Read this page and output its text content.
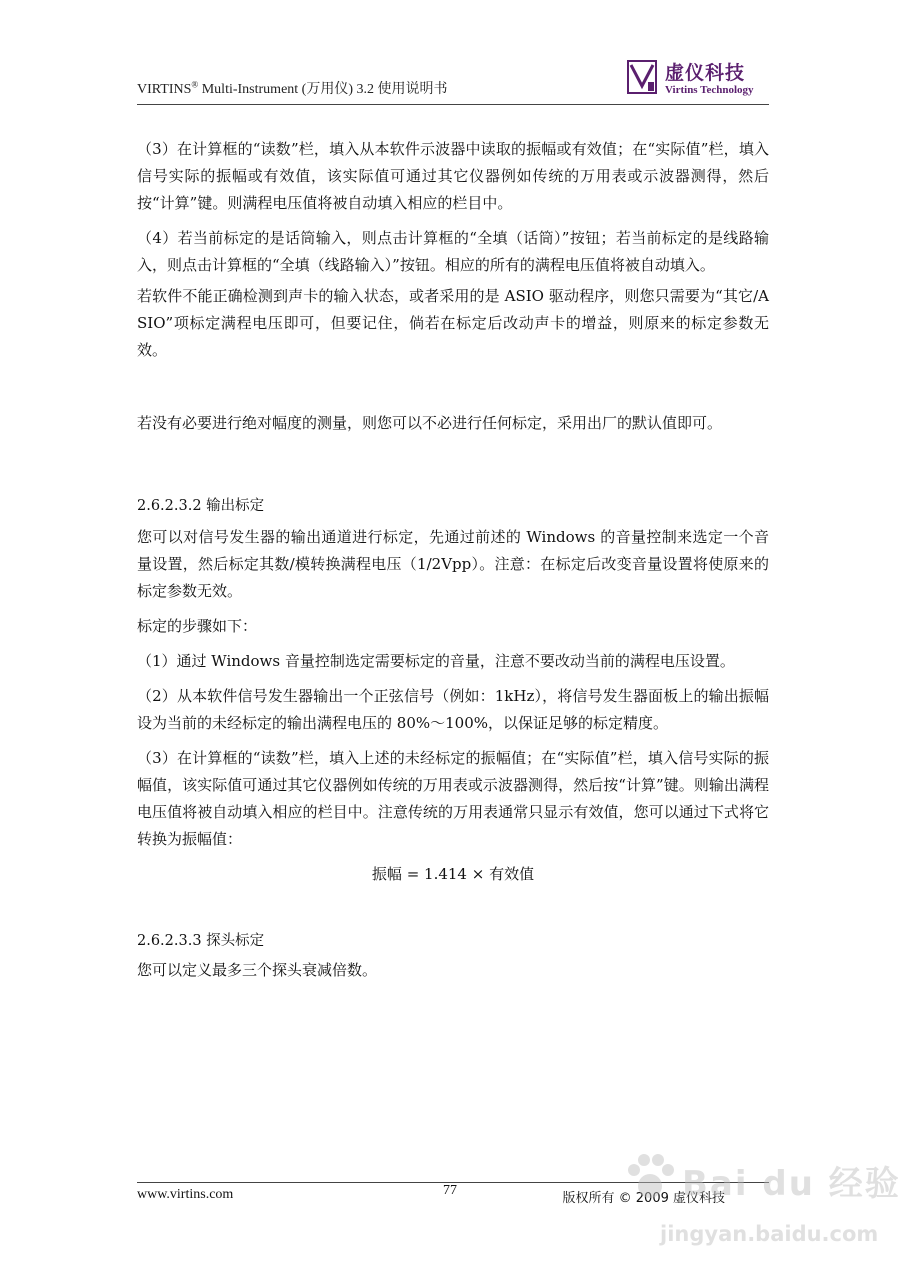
VIRTINS® Multi-Instrument (万用仪) 3.2 使用说明书
虚仪科技
Virtins Technology

（3）在计算框的“读数”栏，填入从本软件示波器中读取的振幅或有效值；在“实际值”栏，填入信号实际的振幅或有效值，该实际值可通过其它仪器例如传统的万用表或示波器测得，然后按“计算”键。则满程电压值将被自动填入相应的栏目中。

（4）若当前标定的是话筒输入，则点击计算框的“全填（话筒）”按钮；若当前标定的是线路输入，则点击计算框的“全填（线路输入）”按钮。相应的所有的满程电压值将被自动填入。

若软件不能正确检测到声卡的输入状态，或者采用的是 ASIO 驱动程序，则您只需要为“其它/ASIO”项标定满程电压即可，但要记住，倘若在标定后改动声卡的增益，则原来的标定参数无效。

若没有必要进行绝对幅度的测量，则您可以不必进行任何标定，采用出厂的默认值即可。

2.6.2.3.2 输出标定

您可以对信号发生器的输出通道进行标定，先通过前述的 Windows 的音量控制来选定一个音量设置，然后标定其数/模转换满程电压（1/2Vpp）。注意：在标定后改变音量设置将使原来的标定参数无效。

标定的步骤如下：

（1）通过 Windows 音量控制选定需要标定的音量，注意不要改动当前的满程电压设置。

（2）从本软件信号发生器输出一个正弦信号（例如：1kHz），将信号发生器面板上的输出振幅设为当前的未经标定的输出满程电压的 80%～100%，以保证足够的标定精度。

（3）在计算框的“读数”栏，填入上述的未经标定的振幅值；在“实际值”栏，填入信号实际的振幅值，该实际值可通过其它仪器例如传统的万用表或示波器测得，然后按“计算”键。则输出满程电压值将被自动填入相应的栏目中。注意传统的万用表通常只显示有效值，您可以通过下式将它转换为振幅值：

振幅 = 1.414 × 有效值

2.6.2.3.3 探头标定

您可以定义最多三个探头衰减倍数。

www.virtins.com	77
版权所有 © 2009 虚仪科技
Bai du 经验
jingyan.baidu.com
